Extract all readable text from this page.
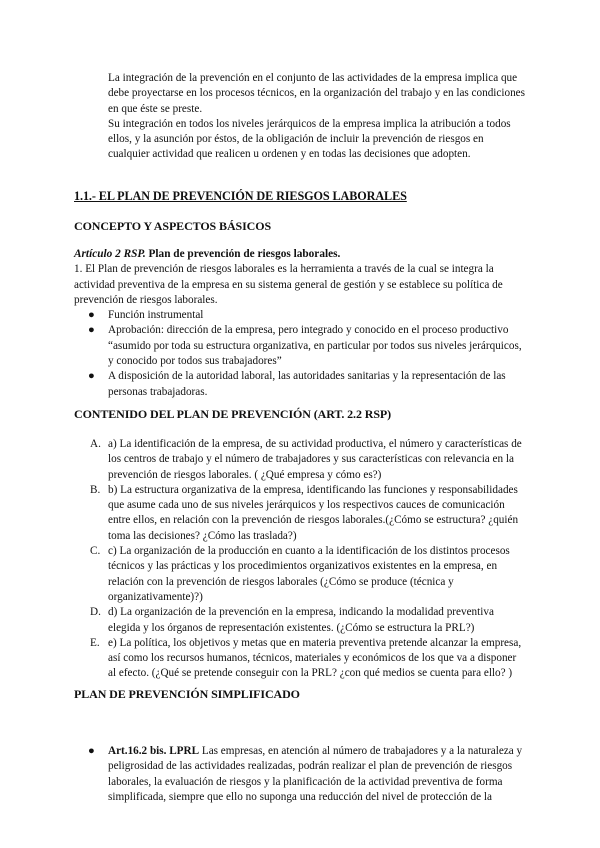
La integración de la prevención en el conjunto de las actividades de la empresa implica que debe proyectarse en los procesos técnicos, en la organización del trabajo y en las condiciones en que éste se preste.

Su integración en todos los niveles jerárquicos de la empresa implica la atribución a todos ellos, y la asunción por éstos, de la obligación de incluir la prevención de riesgos en cualquier actividad que realicen u ordenen y en todas las decisiones que adopten.

1.1.- EL PLAN DE PREVENCIÓN DE RIESGOS LABORALES
CONCEPTO Y ASPECTOS BÁSICOS

Artículo 2 RSP. Plan de prevención de riesgos laborales.

1. El Plan de prevención de riesgos laborales es la herramienta a través de la cual se integra la actividad preventiva de la empresa en su sistema general de gestión y se establece su política de prevención de riesgos laborales.

● Función instrumental
● Aprobación: dirección de la empresa, pero integrado y conocido en el proceso productivo “asumido por toda su estructura organizativa, en particular por todos sus niveles jerárquicos, y conocido por todos sus trabajadores”
● A disposición de la autoridad laboral, las autoridades sanitarias y la representación de las personas trabajadoras.
CONTENIDO DEL PLAN DE PREVENCIÓN (ART. 2.2 RSP)
A. a) La identificación de la empresa, de su actividad productiva, el número y características de los centros de trabajo y el número de trabajadores y sus características con relevancia en la prevención de riesgos laborales. ( ¿Qué empresa y cómo es?)
B. b) La estructura organizativa de la empresa, identificando las funciones y responsabilidades que asume cada uno de sus niveles jerárquicos y los respectivos cauces de comunicación entre ellos, en relación con la prevención de riesgos laborales.(¿Cómo se estructura? ¿quién toma las decisiones? ¿Cómo las traslada?)
C. c) La organización de la producción en cuanto a la identificación de los distintos procesos técnicos y las prácticas y los procedimientos organizativos existentes en la empresa, en relación con la prevención de riesgos laborales (¿Cómo se produce (técnica y organizativamente)?)
D. d) La organización de la prevención en la empresa, indicando la modalidad preventiva elegida y los órganos de representación existentes. (¿Cómo se estructura la PRL?)
E. e) La política, los objetivos y metas que en materia preventiva pretende alcanzar la empresa, así como los recursos humanos, técnicos, materiales y económicos de los que va a disponer al efecto. (¿Qué se pretende conseguir con la PRL? ¿con qué medios se cuenta para ello? )
PLAN DE PREVENCIÓN SIMPLIFICADO
● Art.16.2 bis. LPRL Las empresas, en atención al número de trabajadores y a la naturaleza y peligrosidad de las actividades realizadas, podrán realizar el plan de prevención de riesgos laborales, la evaluación de riesgos y la planificación de la actividad preventiva de forma simplificada, siempre que ello no suponga una reducción del nivel de protección de la
